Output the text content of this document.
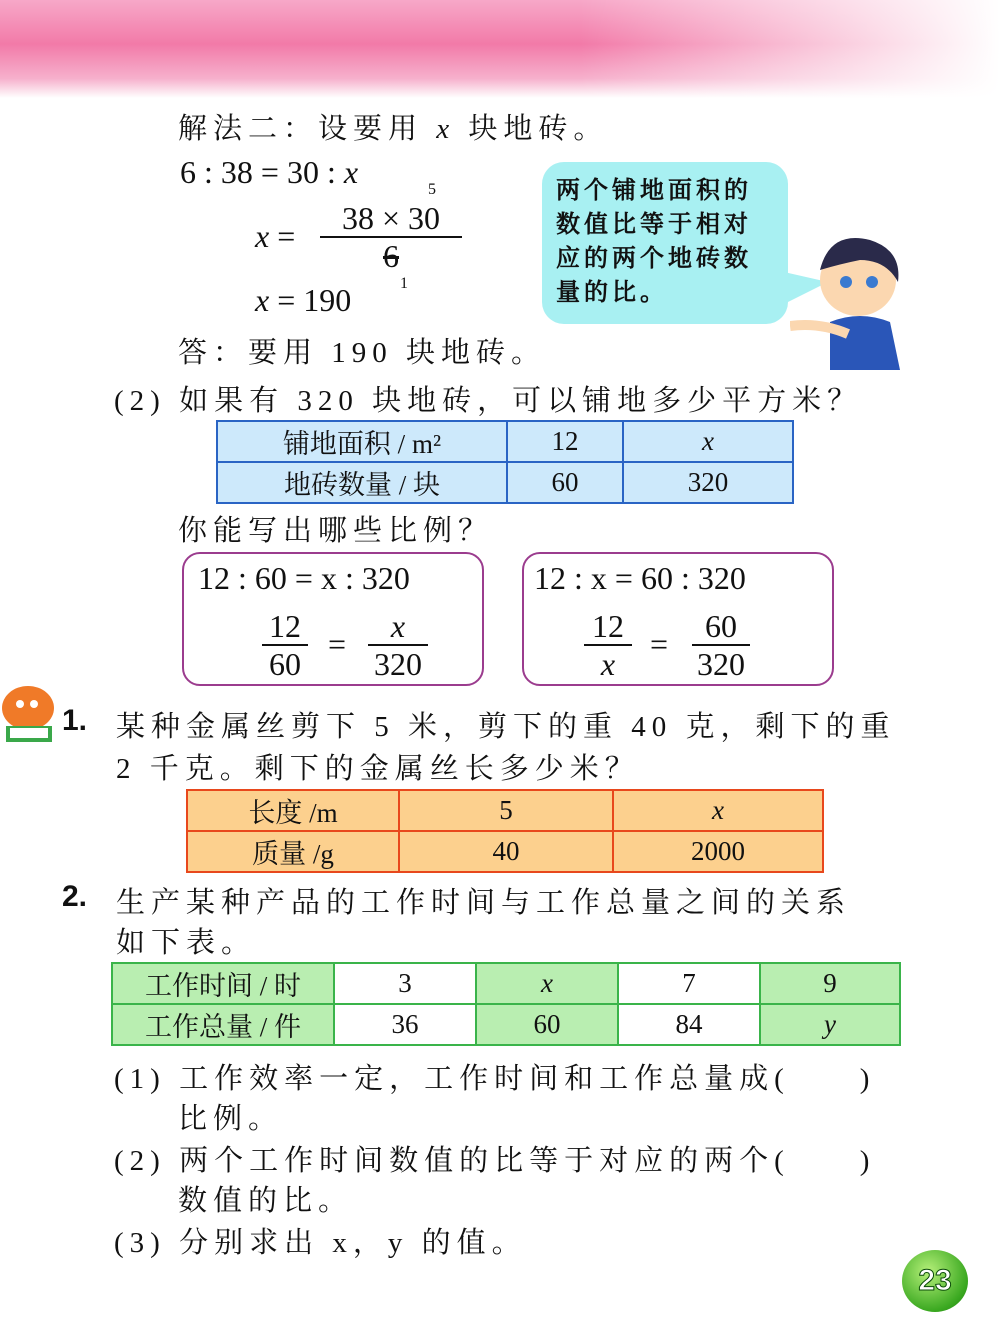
解法二：设要用 x 块地砖。
6 : 38 = 30 : x
$x = \frac{38 \times 30}{6}$
5
1
x = 190
答：要用 190 块地砖。
两个铺地面积的数值比等于相对应的两个地砖数量的比。
(2) 如果有 320 块地砖，可以铺地多少平方米？
铺地面积 / m²	12	x
地砖数量 / 块	60	320
你能写出哪些比例？
12 : 60 = x : 320
$\frac{12}{60} = \frac{x}{320}$
12 : x = 60 : 320
$\frac{12}{x} = \frac{60}{320}$
1. 某种金属丝剪下 5 米，剪下的重 40 克，剩下的重
2 千克。剩下的金属丝长多少米？
长度 /m	5	x
质量 /g	40	2000
2. 生产某种产品的工作时间与工作总量之间的关系
如下表。
工作时间 / 时	3	x	7	9
工作总量 / 件	36	60	84	y
(1) 工作效率一定，工作时间和工作总量成(　　)
比例。
(2) 两个工作时间数值的比等于对应的两个(　　)
数值的比。
(3) 分别求出 x，y 的值。
23
